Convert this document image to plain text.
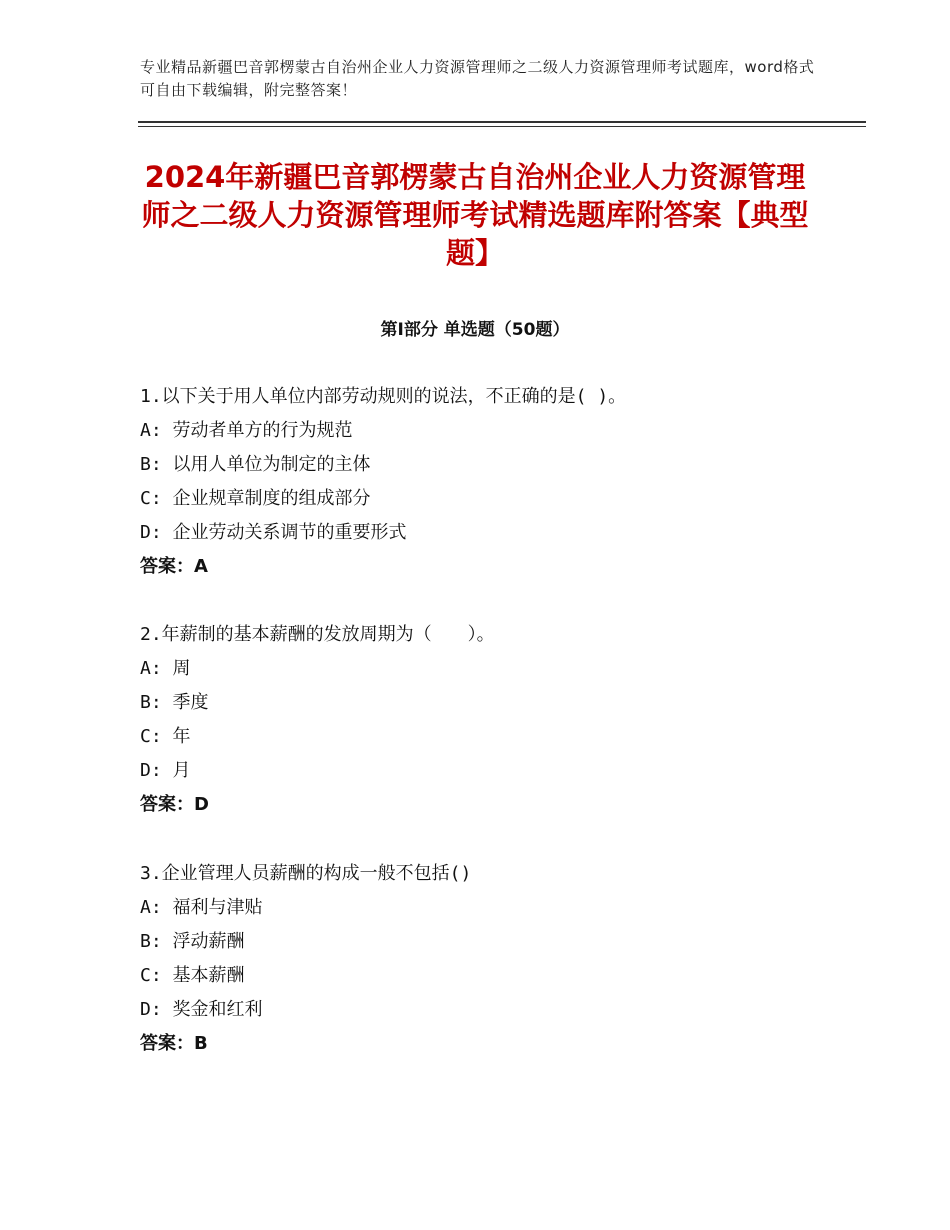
专业精品新疆巴音郭楞蒙古自治州企业人力资源管理师之二级人力资源管理师考试题库，word格式可自由下载编辑，附完整答案！
2024年新疆巴音郭楞蒙古自治州企业人力资源管理师之二级人力资源管理师考试精选题库附答案【典型题】
第Ⅰ部分 单选题（50题）
1.以下关于用人单位内部劳动规则的说法，不正确的是( )。
A: 劳动者单方的行为规范
B: 以用人单位为制定的主体
C: 企业规章制度的组成部分
D: 企业劳动关系调节的重要形式
答案：A
2.年薪制的基本薪酬的发放周期为（　　）。
A: 周
B: 季度
C: 年
D: 月
答案：D
3.企业管理人员薪酬的构成一般不包括()
A: 福利与津贴
B: 浮动薪酬
C: 基本薪酬
D: 奖金和红利
答案：B
